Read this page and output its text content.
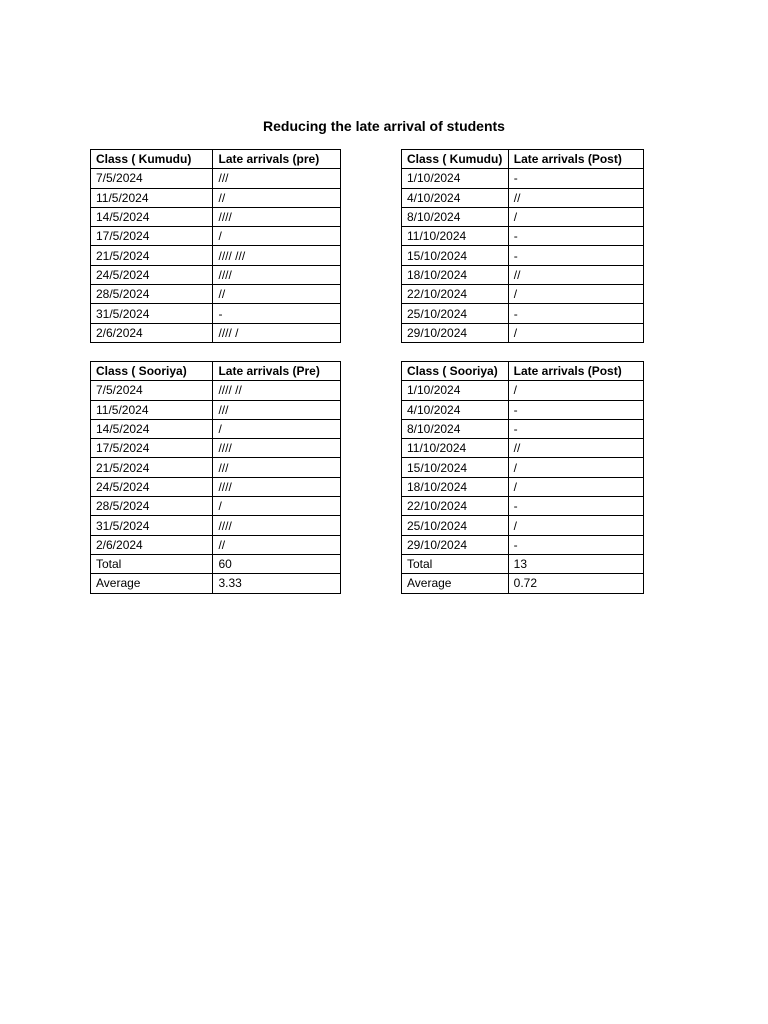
Reducing the late arrival of students
Class ( Kumudu)	Late arrivals (pre)
7/5/2024	///
11/5/2024	//
14/5/2024	////
17/5/2024	/
21/5/2024	//// ///
24/5/2024	////
28/5/2024	//
31/5/2024	-
2/6/2024	//// /
Class ( Kumudu)	Late arrivals (Post)
1/10/2024	-
4/10/2024	//
8/10/2024	/
11/10/2024	-
15/10/2024	-
18/10/2024	//
22/10/2024	/
25/10/2024	-
29/10/2024	/
Class ( Sooriya)	Late arrivals (Pre)
7/5/2024	//// //
11/5/2024	///
14/5/2024	/
17/5/2024	////
21/5/2024	///
24/5/2024	////
28/5/2024	/
31/5/2024	////
2/6/2024	//
Total	60
Average	3.33
Class ( Sooriya)	Late arrivals (Post)
1/10/2024	/
4/10/2024	-
8/10/2024	-
11/10/2024	//
15/10/2024	/
18/10/2024	/
22/10/2024	-
25/10/2024	/
29/10/2024	-
Total	13
Average	0.72
